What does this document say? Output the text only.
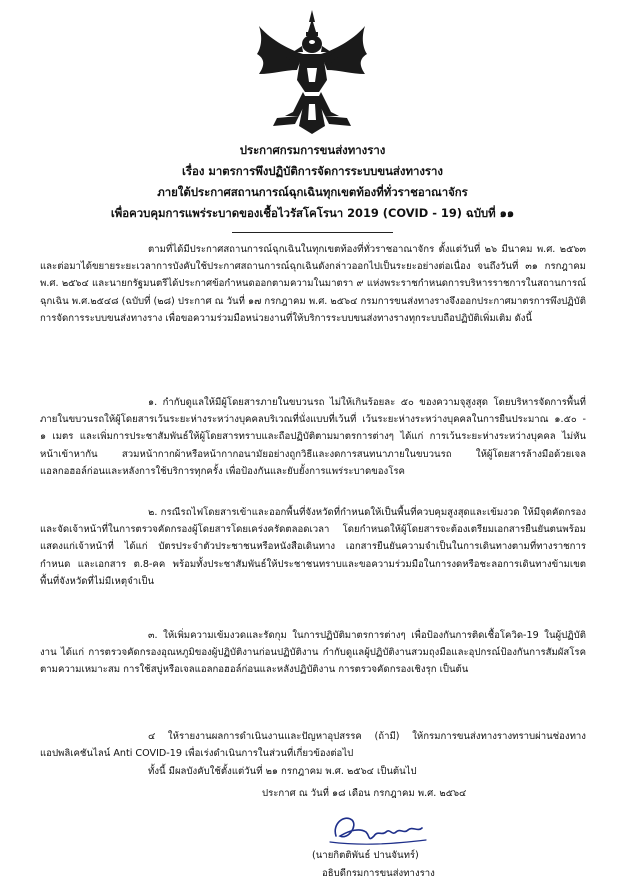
ประกาศกรมการขนส่งทางราง
เรื่อง มาตรการพึงปฏิบัติการจัดการระบบขนส่งทางราง
ภายใต้ประกาศสถานการณ์ฉุกเฉินทุกเขตท้องที่ทั่วราชอาณาจักร
เพื่อควบคุมการแพร่ระบาดของเชื้อไวรัสโคโรนา 2019 (COVID - 19) ฉบับที่ ๑๑
ตามที่ได้มีประกาศสถานการณ์ฉุกเฉินในทุกเขตท้องที่ทั่วราชอาณาจักร ตั้งแต่วันที่ ๒๖ มีนาคม พ.ศ. ๒๕๖๓ และต่อมาได้ขยายระยะเวลาการบังคับใช้ประกาศสถานการณ์ฉุกเฉินดังกล่าวออกไปเป็นระยะอย่างต่อเนื่อง จนถึงวันที่ ๓๑ กรกฎาคม พ.ศ. ๒๕๖๔ และนายกรัฐมนตรีได้ประกาศข้อกำหนดออกตามความในมาตรา ๙ แห่งพระราชกำหนดการบริหารราชการในสถานการณ์ฉุกเฉิน พ.ศ.๒๕๔๘ (ฉบับที่ (๒๘) ประกาศ ณ วันที่ ๑๗ กรกฎาคม พ.ศ. ๒๕๖๔ กรมการขนส่งทางรางจึงออกประกาศมาตรการพึงปฏิบัติการจัดการระบบขนส่งทางราง เพื่อขอความร่วมมือหน่วยงานที่ให้บริการระบบขนส่งทางรางทุกระบบถือปฏิบัติเพิ่มเติม ดังนี้
๑. กำกับดูแลให้มีผู้โดยสารภายในขบวนรถ ไม่ให้เกินร้อยละ ๕๐ ของความจุสูงสุด โดยบริหารจัดการพื้นที่ภายในขบวนรถให้ผู้โดยสารเว้นระยะห่างระหว่างบุคคลบริเวณที่นั่งแบบที่เว้นที่ เว้นระยะห่างระหว่างบุคคลในการยืนประมาณ ๑.๕๐ - ๑ เมตร และเพิ่มการประชาสัมพันธ์ให้ผู้โดยสารทราบและถือปฏิบัติตามมาตรการต่างๆ ได้แก่ การเว้นระยะห่างระหว่างบุคคล ไม่หันหน้าเข้าหากัน สวมหน้ากากผ้าหรือหน้ากากอนามัยอย่างถูกวิธีและงดการสนทนาภายในขบวนรถ ให้ผู้โดยสารล้างมือด้วยเจลแอลกอฮอล์ก่อนและหลังการใช้บริการทุกครั้ง เพื่อป้องกันและยับยั้งการแพร่ระบาดของโรค
๒. กรณีรถไฟโดยสารเข้าและออกพื้นที่จังหวัดที่กำหนดให้เป็นพื้นที่ควบคุมสูงสุดและเข้มงวด ให้มีจุดคัดกรองและจัดเจ้าหน้าที่ในการตรวจคัดกรองผู้โดยสารโดยเคร่งครัดตลอดเวลา โดยกำหนดให้ผู้โดยสารจะต้องเตรียมเอกสารยืนยันตนพร้อมแสดงแก่เจ้าหน้าที่ ได้แก่ บัตรประจำตัวประชาชนหรือหนังสือเดินทาง เอกสารยืนยันความจำเป็นในการเดินทางตามที่ทางราชการกำหนด และเอกสาร ต.8-คค พร้อมทั้งประชาสัมพันธ์ให้ประชาชนทราบและขอความร่วมมือในการงดหรือชะลอการเดินทางข้ามเขตพื้นที่จังหวัดที่ไม่มีเหตุจำเป็น
๓. ให้เพิ่มความเข้มงวดและรัดกุม ในการปฏิบัติมาตรการต่างๆ เพื่อป้องกันการติดเชื้อโควิด-19 ในผู้ปฏิบัติงาน ได้แก่ การตรวจคัดกรองอุณหภูมิของผู้ปฏิบัติงานก่อนปฏิบัติงาน กำกับดูแลผู้ปฏิบัติงานสวมถุงมือและอุปกรณ์ป้องกันการสัมผัสโรคตามความเหมาะสม การใช้สบู่หรือเจลแอลกอฮอล์ก่อนและหลังปฏิบัติงาน การตรวจคัดกรองเชิงรุก เป็นต้น
๔ ให้รายงานผลการดำเนินงานและปัญหาอุปสรรค (ถ้ามี) ให้กรมการขนส่งทางรางทราบผ่านช่องทางแอปพลิเคชันไลน์ Anti COVID-19 เพื่อเร่งดำเนินการในส่วนที่เกี่ยวข้องต่อไป
ทั้งนี้ มีผลบังคับใช้ตั้งแต่วันที่ ๒๑ กรกฎาคม พ.ศ. ๒๕๖๔ เป็นต้นไป
ประกาศ ณ วันที่ ๑๘ เดือน กรกฎาคม พ.ศ. ๒๕๖๔
(นายกิตติพันธ์ ปานจันทร์)
อธิบดีกรมการขนส่งทางราง
